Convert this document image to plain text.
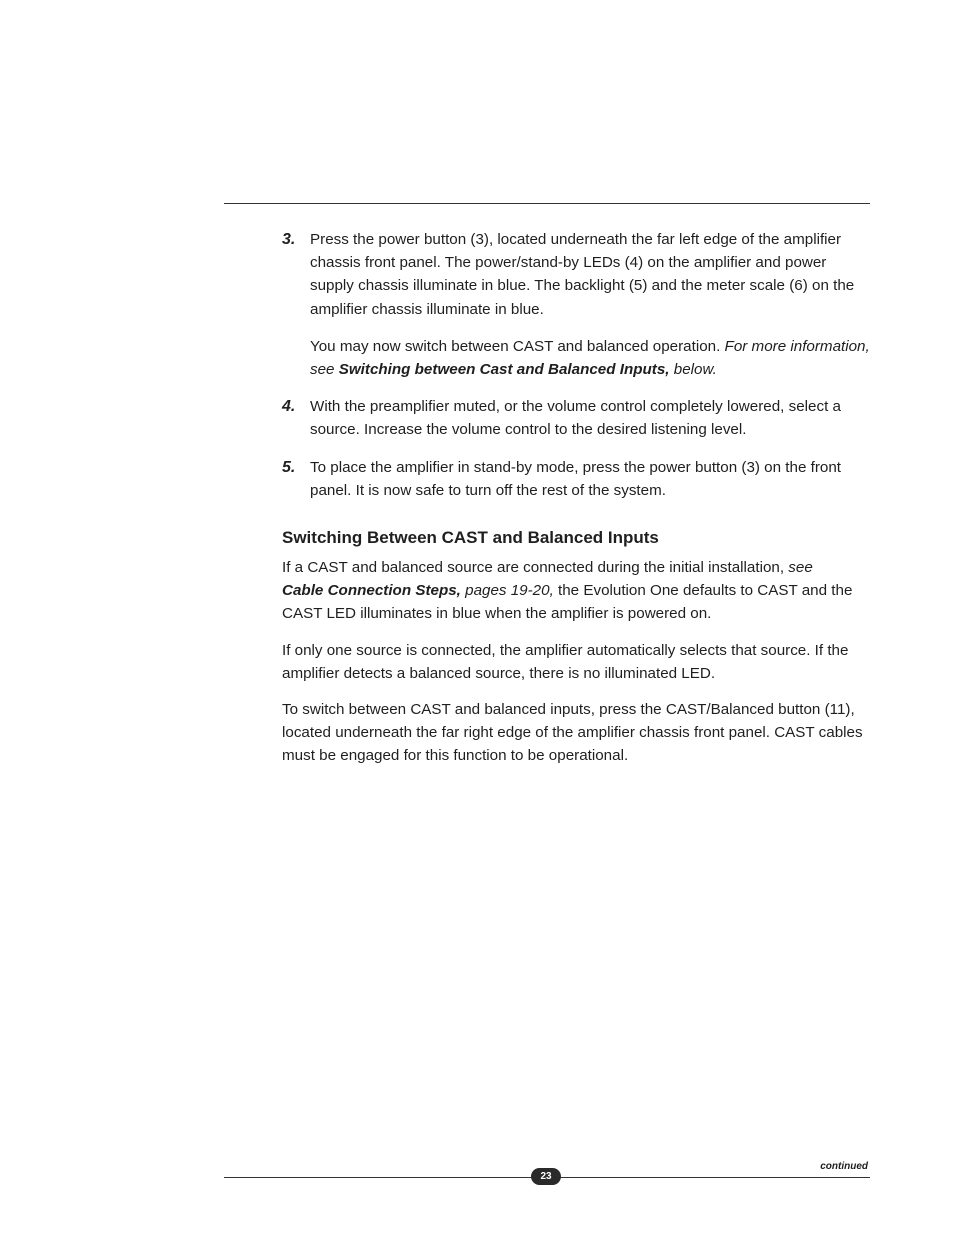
3. Press the power button (3), located underneath the far left edge of the amplifier chassis front panel. The power/stand-by LEDs (4) on the amplifier and power supply chassis illuminate in blue. The backlight (5) and the meter scale (6) on the amplifier chassis illuminate in blue.

You may now switch between CAST and balanced operation. For more information, see Switching between Cast and Balanced Inputs, below.
4. With the preamplifier muted, or the volume control completely lowered, select a source. Increase the volume control to the desired listening level.

5. To place the amplifier in stand-by mode, press the power button (3) on the front panel. It is now safe to turn off the rest of the system.

Switching Between CAST and Balanced Inputs

If a CAST and balanced source are connected during the initial installation, see
Cable Connection Steps, pages 19-20, the Evolution One defaults to CAST and the CAST LED illuminates in blue when the amplifier is powered on.

If only one source is connected, the amplifier automatically selects that source. If the amplifier detects a balanced source, there is no illuminated LED.

To switch between CAST and balanced inputs, press the CAST/Balanced button (11), located underneath the far right edge of the amplifier chassis front panel. CAST cables must be engaged for this function to be operational.

continued
23
